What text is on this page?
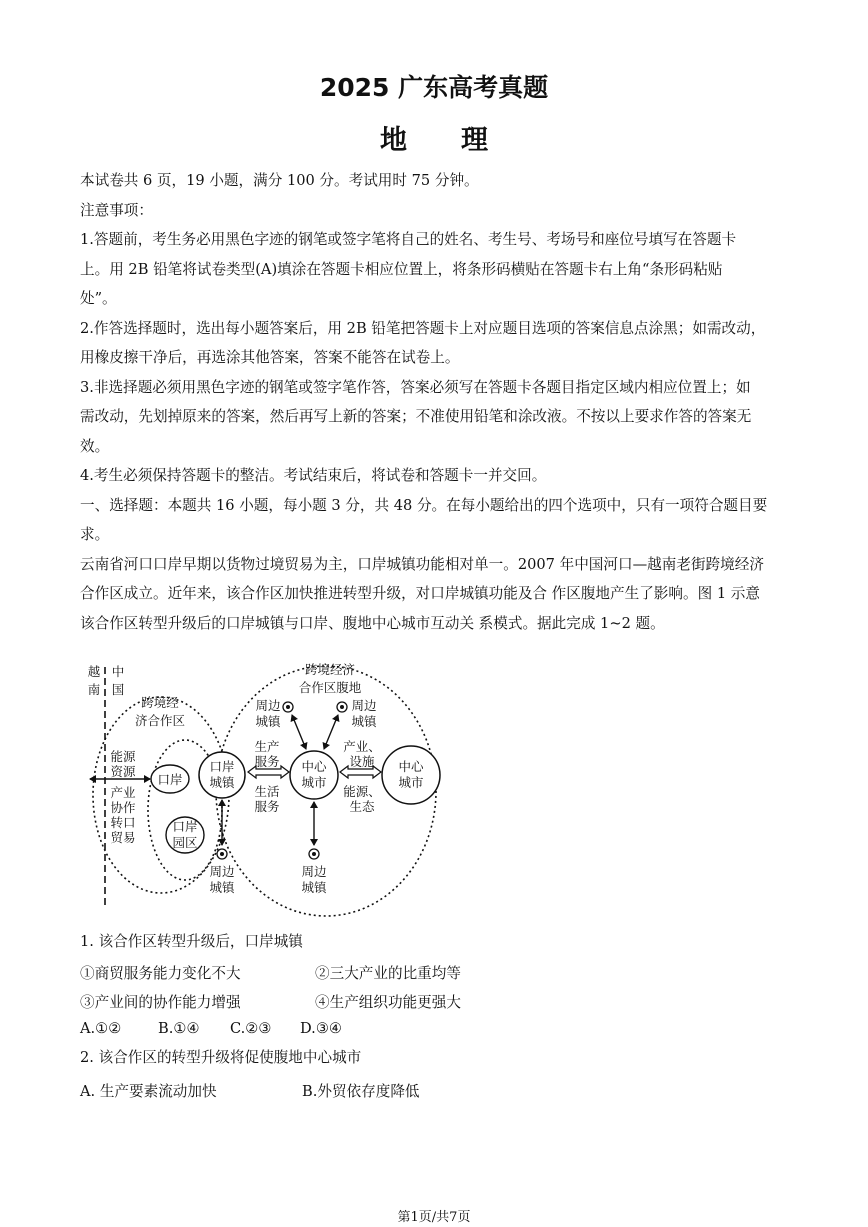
2025 广东高考真题
地　　理

本试卷共 6 页，19 小题，满分 100 分。考试用时 75 分钟。

注意事项：

1.答题前，考生务必用黑色字迹的钢笔或签字笔将自己的姓名、考生号、考场号和座位号填写在答题卡

上。用 2B 铅笔将试卷类型(A)填涂在答题卡相应位置上，将条形码横贴在答题卡右上角“条形码粘贴

处”。

2.作答选择题时，选出每小题答案后，用 2B 铅笔把答题卡上对应题目选项的答案信息点涂黑；如需改动，

用橡皮擦干净后，再选涂其他答案，答案不能答在试卷上。

3.非选择题必须用黑色字迹的钢笔或签字笔作答，答案必须写在答题卡各题目指定区域内相应位置上；如

需改动，先划掉原来的答案，然后再写上新的答案；不准使用铅笔和涂改液。不按以上要求作答的答案无

效。

4.考生必须保持答题卡的整洁。考试结束后，将试卷和答题卡一并交回。

一、选择题：本题共 16 小题，每小题 3 分，共 48 分。在每小题给出的四个选项中，只有一项符合题目要

求。

云南省河口口岸早期以货物过境贸易为主，口岸城镇功能相对单一。2007 年中国河口—越南老街跨境经济

合作区成立。近年来，该合作区加快推进转型升级，对口岸城镇功能及合 作区腹地产生了影响。图 1 示意

该合作区转型升级后的口岸城镇与口岸、腹地中心城市互动关 系模式。据此完成 1~2 题。

越
南
中
国
跨境经
济合作区
跨境经济
合作区腹地
能源
资源
产业
协作
转口
贸易
口岸
口岸
园区
口岸
城镇
周边
城镇
生产
服务
生活
服务
中心
城市
周边
城镇
周边
城镇
周边
城镇
产业、
设施
能源、
生态
中心
城市
1. 该合作区转型升级后，口岸城镇
①商贸服务能力变化不大	②三大产业的比重均等
③产业间的协作能力增强	④生产组织功能更强大
A.①②	B.①④ C.②③ D.③④
2. 该合作区的转型升级将促使腹地中心城市
A. 生产要素流动加快	B.外贸依存度降低
第1页/共7页
